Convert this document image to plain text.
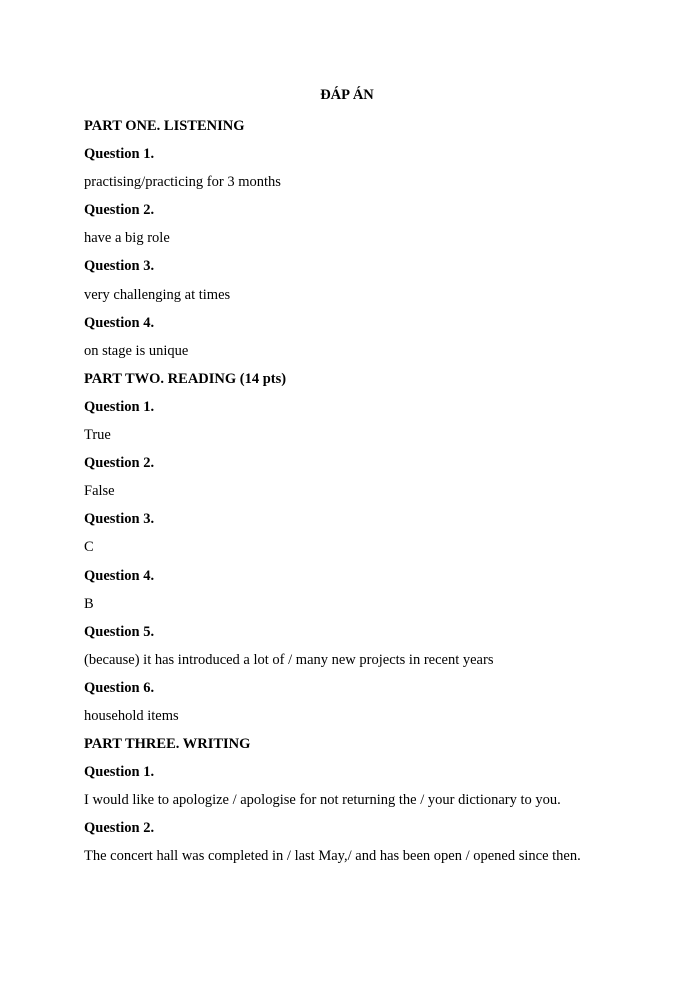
ĐÁP ÁN
PART ONE. LISTENING
Question 1.
practising/practicing for 3 months
Question 2.
have a big role
Question 3.
very challenging at times
Question 4.
on stage is unique
PART TWO. READING (14 pts)
Question 1.
True
Question 2.
False
Question 3.
C
Question 4.
B
Question 5.
(because) it has introduced a lot of / many new projects in recent years
Question 6.
household items
PART THREE. WRITING
Question 1.
I would like to apologize / apologise for not returning the / your dictionary to you.
Question 2.
The concert hall was completed in / last May,/ and has been open / opened since then.
